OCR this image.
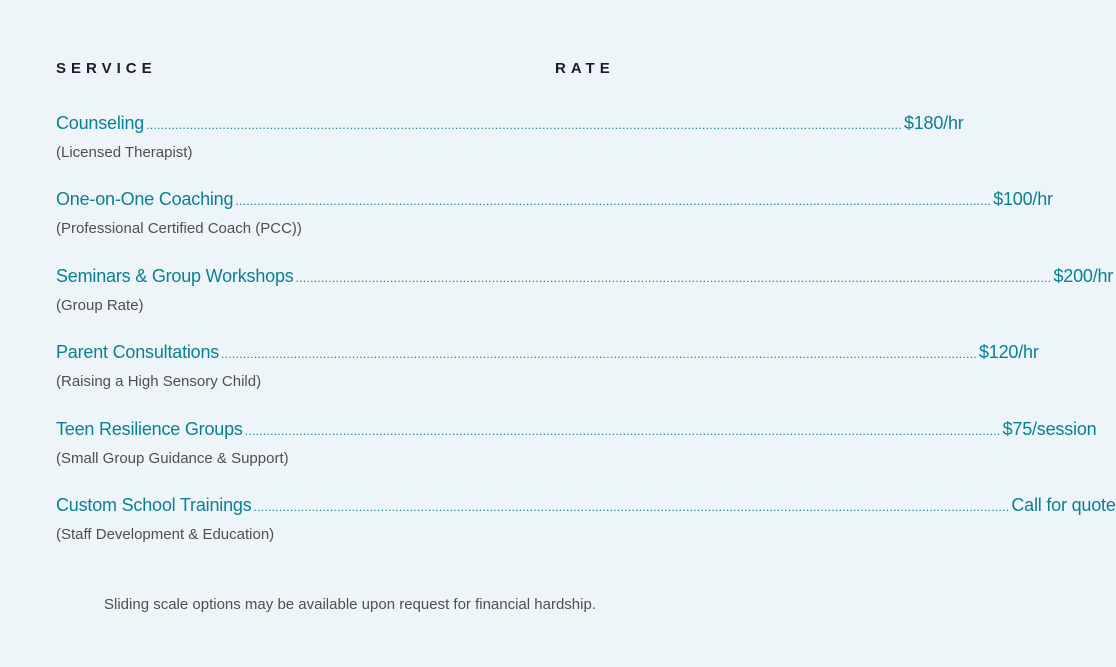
SERVICE	RATE
Counseling ................................................................................................................................................................................................................ $180/hr
(Licensed Therapist)
One-on-One Coaching ................................................................................................................................................................................................................ $100/hr
(Professional Certified Coach (PCC))
Seminars & Group Workshops ................................................................................................................................................................................................................ $200/hr
(Group Rate)
Parent Consultations ................................................................................................................................................................................................................ $120/hr
(Raising a High Sensory Child)
Teen Resilience Groups ................................................................................................................................................................................................................ $75/session
(Small Group Guidance & Support)
Custom School Trainings ................................................................................................................................................................................................................ Call for quote
(Staff Development & Education)
Sliding scale options may be available upon request for financial hardship.
